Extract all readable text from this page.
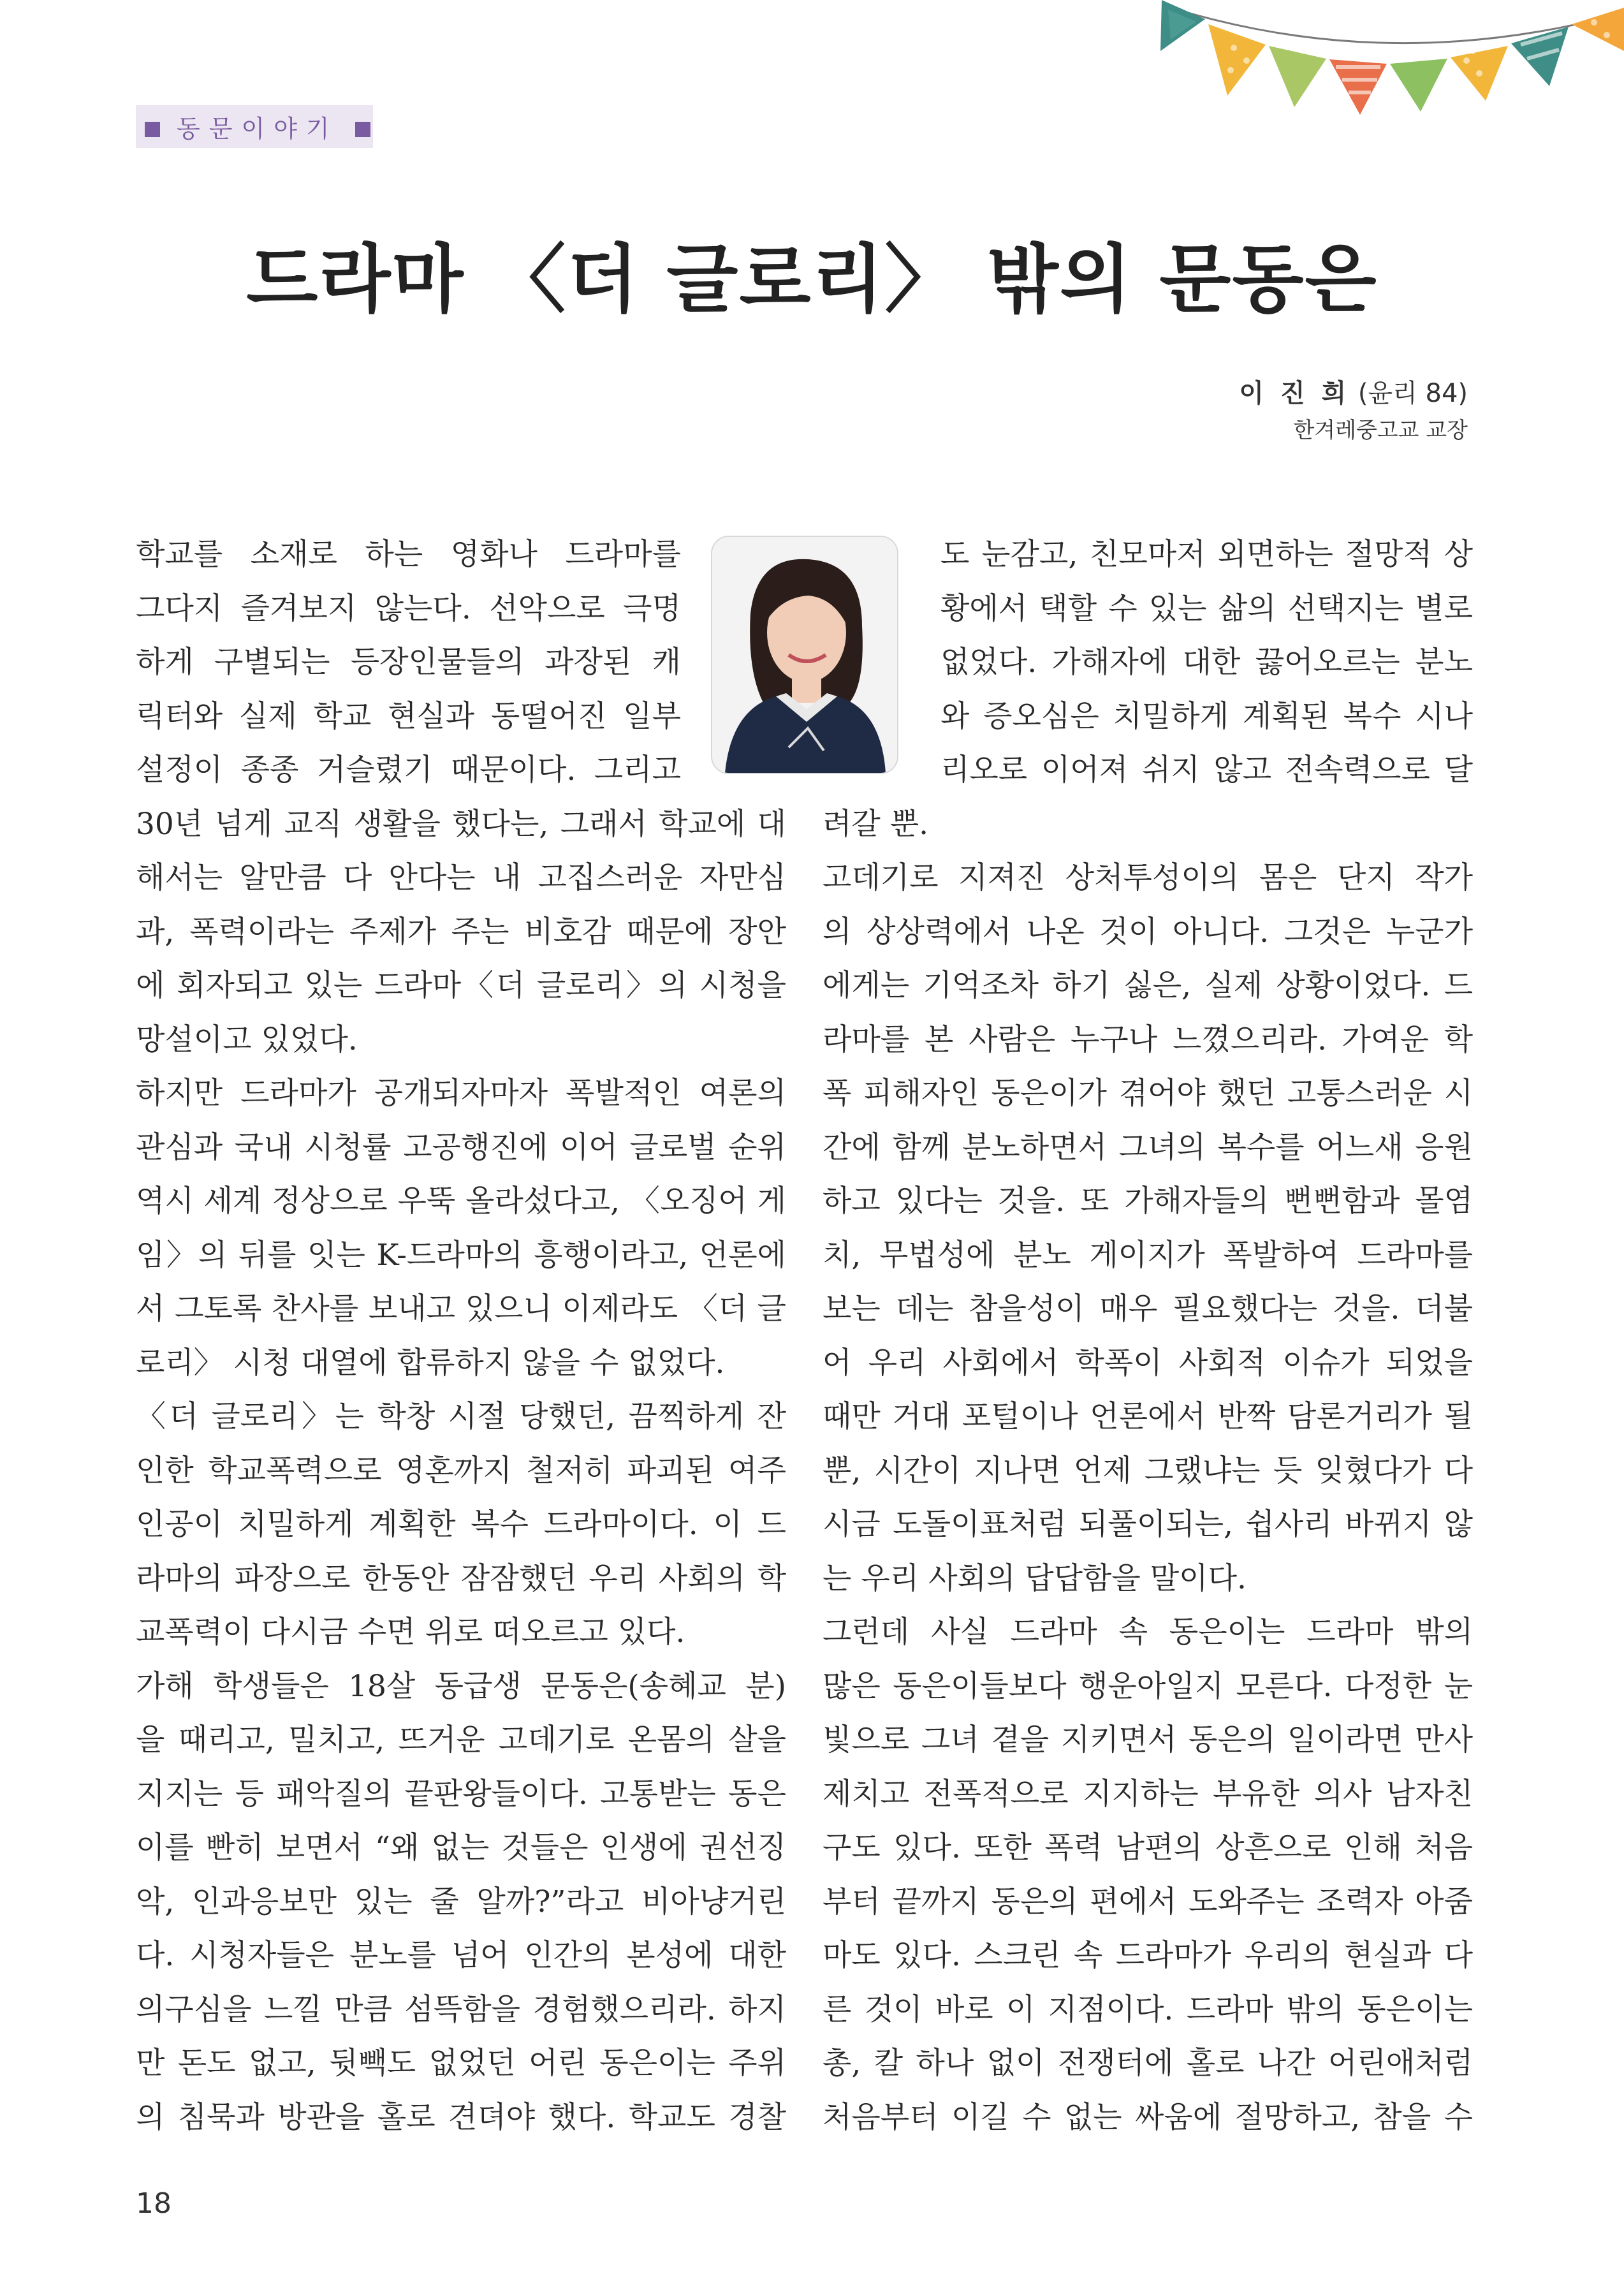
동문이야기
드라마 〈더 글로리〉 밖의 문동은
이 진 희 (윤리 84)
한겨레중고교 교장
학교를 소재로 하는 영화나 드라마를
그다지 즐겨보지 않는다. 선악으로 극명
하게 구별되는 등장인물들의 과장된 캐
릭터와 실제 학교 현실과 동떨어진 일부
설정이 종종 거슬렸기 때문이다. 그리고
30년 넘게 교직 생활을 했다는, 그래서 학교에 대
해서는 알만큼 다 안다는 내 고집스러운 자만심
과, 폭력이라는 주제가 주는 비호감 때문에 장안
에 회자되고 있는 드라마〈더 글로리〉의 시청을
망설이고 있었다.
하지만 드라마가 공개되자마자 폭발적인 여론의
관심과 국내 시청률 고공행진에 이어 글로벌 순위
역시 세계 정상으로 우뚝 올라섰다고, 〈오징어 게
임〉의 뒤를 잇는 K-드라마의 흥행이라고, 언론에
서 그토록 찬사를 보내고 있으니 이제라도 〈더 글
로리〉 시청 대열에 합류하지 않을 수 없었다.
〈더 글로리〉는 학창 시절 당했던, 끔찍하게 잔
인한 학교폭력으로 영혼까지 철저히 파괴된 여주
인공이 치밀하게 계획한 복수 드라마이다. 이 드
라마의 파장으로 한동안 잠잠했던 우리 사회의 학
교폭력이 다시금 수면 위로 떠오르고 있다.
가해 학생들은 18살 동급생 문동은(송혜교 분)
을 때리고, 밀치고, 뜨거운 고데기로 온몸의 살을
지지는 등 패악질의 끝판왕들이다. 고통받는 동은
이를 빤히 보면서 “왜 없는 것들은 인생에 권선징
악, 인과응보만 있는 줄 알까?”라고 비아냥거린
다. 시청자들은 분노를 넘어 인간의 본성에 대한
의구심을 느낄 만큼 섬뜩함을 경험했으리라. 하지
만 돈도 없고, 뒷빽도 없었던 어린 동은이는 주위
의 침묵과 방관을 홀로 견뎌야 했다. 학교도 경찰
도 눈감고, 친모마저 외면하는 절망적 상
황에서 택할 수 있는 삶의 선택지는 별로
없었다. 가해자에 대한 끓어오르는 분노
와 증오심은 치밀하게 계획된 복수 시나
리오로 이어져 쉬지 않고 전속력으로 달
려갈 뿐.
고데기로 지져진 상처투성이의 몸은 단지 작가
의 상상력에서 나온 것이 아니다. 그것은 누군가
에게는 기억조차 하기 싫은, 실제 상황이었다. 드
라마를 본 사람은 누구나 느꼈으리라. 가여운 학
폭 피해자인 동은이가 겪어야 했던 고통스러운 시
간에 함께 분노하면서 그녀의 복수를 어느새 응원
하고 있다는 것을. 또 가해자들의 뻔뻔함과 몰염
치, 무법성에 분노 게이지가 폭발하여 드라마를
보는 데는 참을성이 매우 필요했다는 것을. 더불
어 우리 사회에서 학폭이 사회적 이슈가 되었을
때만 거대 포털이나 언론에서 반짝 담론거리가 될
뿐, 시간이 지나면 언제 그랬냐는 듯 잊혔다가 다
시금 도돌이표처럼 되풀이되는, 쉽사리 바뀌지 않
는 우리 사회의 답답함을 말이다.
그런데 사실 드라마 속 동은이는 드라마 밖의
많은 동은이들보다 행운아일지 모른다. 다정한 눈
빛으로 그녀 곁을 지키면서 동은의 일이라면 만사
제치고 전폭적으로 지지하는 부유한 의사 남자친
구도 있다. 또한 폭력 남편의 상흔으로 인해 처음
부터 끝까지 동은의 편에서 도와주는 조력자 아줌
마도 있다. 스크린 속 드라마가 우리의 현실과 다
른 것이 바로 이 지점이다. 드라마 밖의 동은이는
총, 칼 하나 없이 전쟁터에 홀로 나간 어린애처럼
처음부터 이길 수 없는 싸움에 절망하고, 참을 수
18
